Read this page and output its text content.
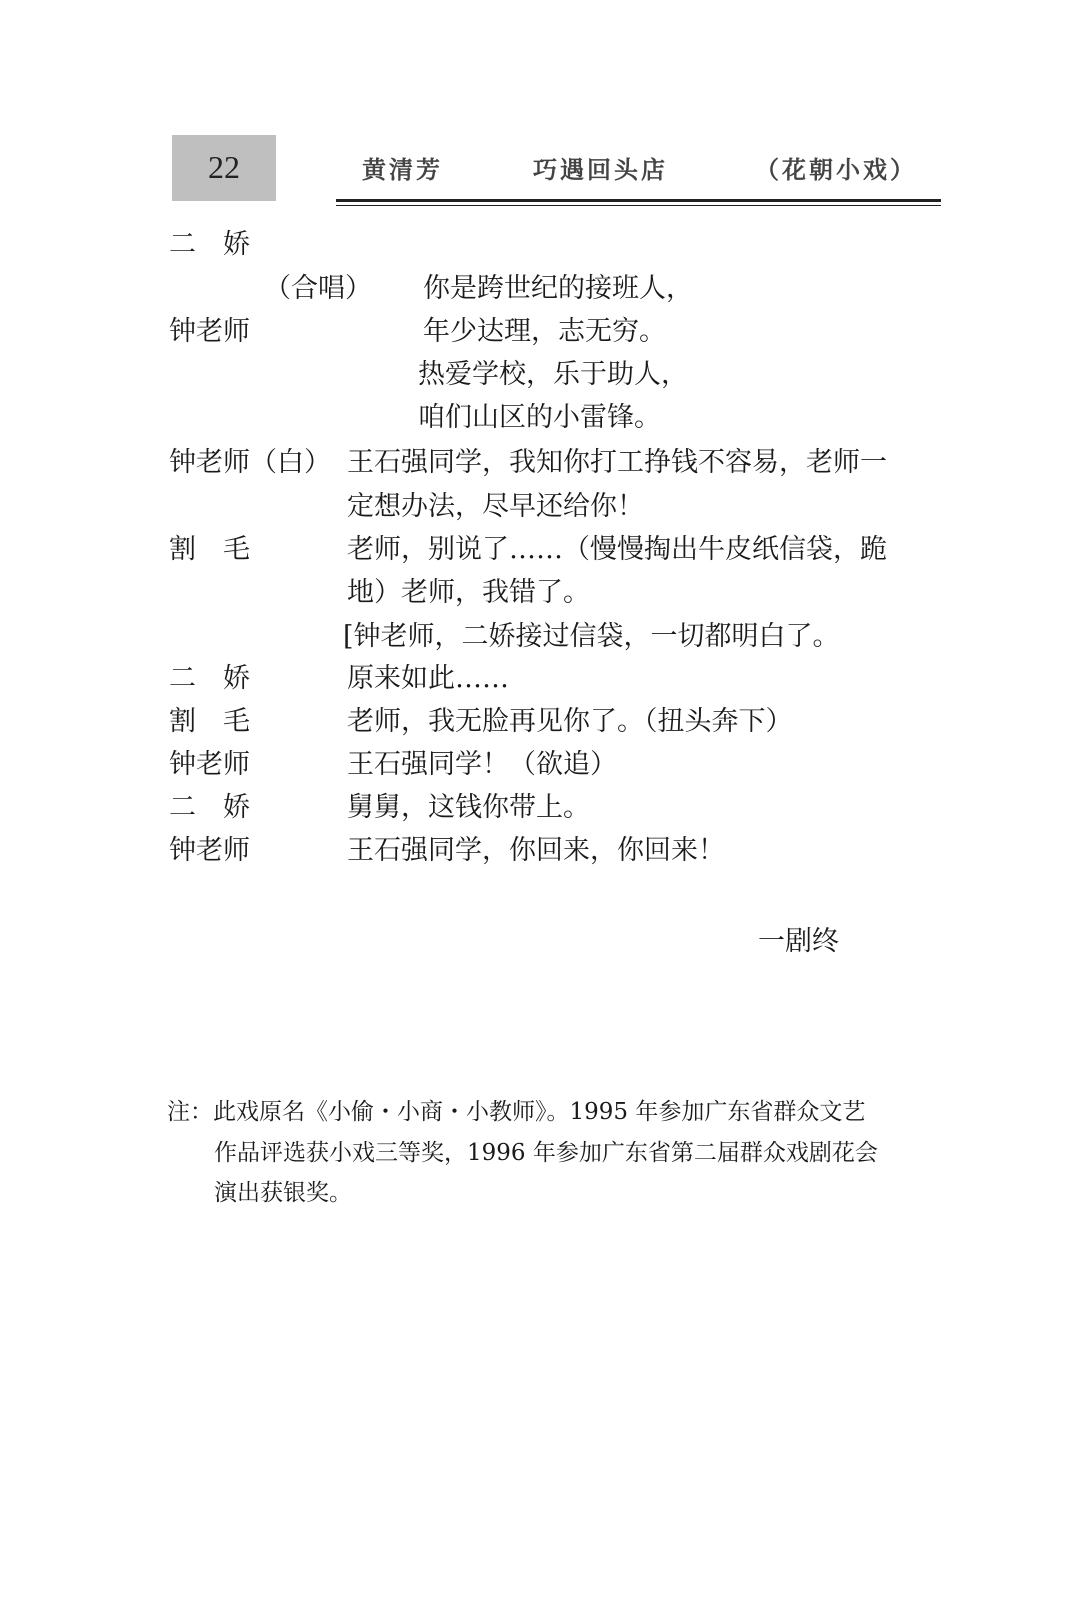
22	黄清芳	巧遇回头店	（花朝小戏）
二　娇
（合唱） 你是跨世纪的接班人，
钟老师	年少达理，志无穷。
热爱学校，乐于助人，
咱们山区的小雷锋。
钟老师（白） 王石强同学，我知你打工挣钱不容易，老师一
定想办法，尽早还给你！
割　毛	老师，别说了……（慢慢掏出牛皮纸信袋，跪
地）老师，我错了。
[钟老师，二娇接过信袋，一切都明白了。
二　娇	原来如此……
割　毛	老师，我无脸再见你了。（扭头奔下）
钟老师	王石强同学！（欲追）
二　娇	舅舅，这钱你带上。
钟老师	王石强同学，你回来，你回来！
一剧终
注：此戏原名《小偷・小商・小教师》。1995 年参加广东省群众文艺
作品评选获小戏三等奖，1996 年参加广东省第二届群众戏剧花会
演出获银奖。
